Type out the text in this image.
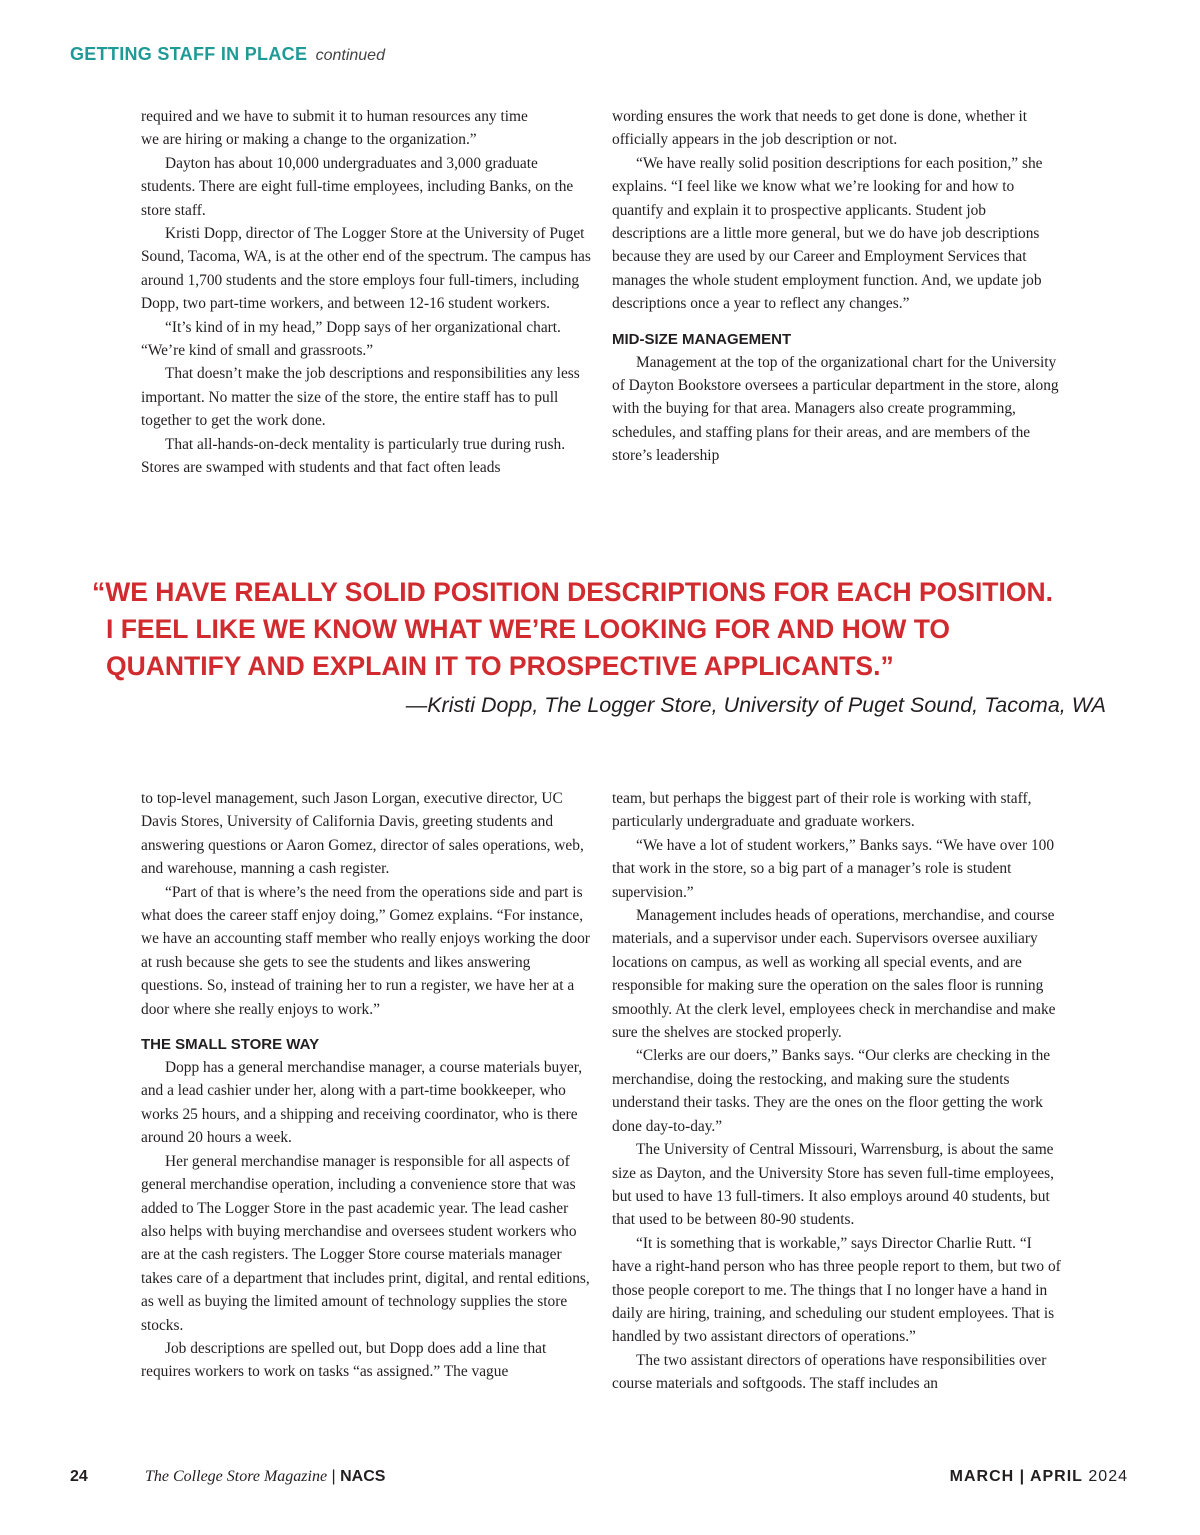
GETTING STAFF IN PLACE continued

required and we have to submit it to human resources any time

we are hiring or making a change to the organization.”

Dayton has about 10,000 undergraduates and 3,000 graduate students. There are eight full-time employees, including Banks, on the store staff.

Kristi Dopp, director of The Logger Store at the University of Puget Sound, Tacoma, WA, is at the other end of the spectrum. The campus has around 1,700 students and the store employs four full-timers, including Dopp, two part-time workers, and between 12-16 student workers.

“It’s kind of in my head,” Dopp says of her organizational chart. “We’re kind of small and grassroots.”

That doesn’t make the job descriptions and responsibilities any less important. No matter the size of the store, the entire staff has to pull together to get the work done.

That all-hands-on-deck mentality is particularly true during rush. Stores are swamped with students and that fact often leads

wording ensures the work that needs to get done is done, whether it officially appears in the job description or not.

“We have really solid position descriptions for each position,” she explains. “I feel like we know what we’re looking for and how to quantify and explain it to prospective applicants. Student job descriptions are a little more general, but we do have job descriptions because they are used by our Career and Employment Services that manages the whole student employment function. And, we update job descriptions once a year to reflect any changes.”

MID-SIZE MANAGEMENT

Management at the top of the organizational chart for the University of Dayton Bookstore oversees a particular department in the store, along with the buying for that area. Managers also create programming, schedules, and staffing plans for their areas, and are members of the store’s leadership

“WE HAVE REALLY SOLID POSITION DESCRIPTIONS FOR EACH POSITION.
I FEEL LIKE WE KNOW WHAT WE’RE LOOKING FOR AND HOW TO
QUANTIFY AND EXPLAIN IT TO PROSPECTIVE APPLICANTS.”
—Kristi Dopp, The Logger Store, University of Puget Sound, Tacoma, WA

to top-level management, such Jason Lorgan, executive director, UC Davis Stores, University of California Davis, greeting students and answering questions or Aaron Gomez, director of sales operations, web, and warehouse, manning a cash register.

“Part of that is where’s the need from the operations side and part is what does the career staff enjoy doing,” Gomez explains. “For instance, we have an accounting staff member who really enjoys working the door at rush because she gets to see the students and likes answering questions. So, instead of training her to run a register, we have her at a door where she really enjoys to work.”

THE SMALL STORE WAY

Dopp has a general merchandise manager, a course materials buyer, and a lead cashier under her, along with a part-time bookkeeper, who works 25 hours, and a shipping and receiving coordinator, who is there around 20 hours a week.

Her general merchandise manager is responsible for all aspects of general merchandise operation, including a convenience store that was added to The Logger Store in the past academic year. The lead casher also helps with buying merchandise and oversees student workers who are at the cash registers. The Logger Store course materials manager takes care of a department that includes print, digital, and rental editions, as well as buying the limited amount of technology supplies the store stocks.

Job descriptions are spelled out, but Dopp does add a line that requires workers to work on tasks “as assigned.” The vague

team, but perhaps the biggest part of their role is working with staff, particularly undergraduate and graduate workers.

“We have a lot of student workers,” Banks says. “We have over 100 that work in the store, so a big part of a manager’s role is student supervision.”

Management includes heads of operations, merchandise, and course materials, and a supervisor under each. Supervisors oversee auxiliary locations on campus, as well as working all special events, and are responsible for making sure the operation on the sales floor is running smoothly. At the clerk level, employees check in merchandise and make sure the shelves are stocked properly.

“Clerks are our doers,” Banks says. “Our clerks are checking in the merchandise, doing the restocking, and making sure the students understand their tasks. They are the ones on the floor getting the work done day-to-day.”

The University of Central Missouri, Warrensburg, is about the same size as Dayton, and the University Store has seven full-time employees, but used to have 13 full-timers. It also employs around 40 students, but that used to be between 80-90 students.

“It is something that is workable,” says Director Charlie Rutt. “I have a right-hand person who has three people report to them, but two of those people coreport to me. The things that I no longer have a hand in daily are hiring, training, and scheduling our student employees. That is handled by two assistant directors of operations.”

The two assistant directors of operations have responsibilities over course materials and softgoods. The staff includes an

24	The College Store Magazine | NACS	MARCH | APRIL 2024
